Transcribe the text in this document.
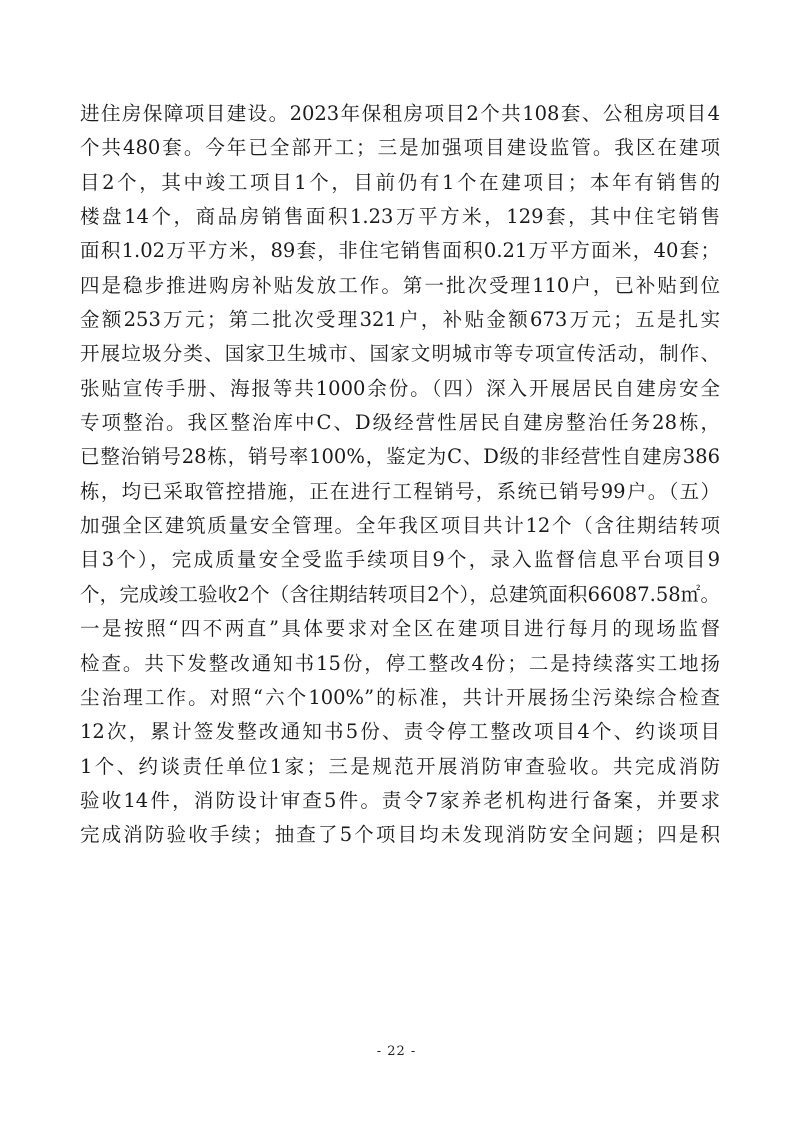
进住房保障项目建设。2023年保租房项目2个共108套、公租房项目4
个共480套。今年已全部开工；三是加强项目建设监管。我区在建项
目2个，其中竣工项目1个，目前仍有1个在建项目；本年有销售的
楼盘14个，商品房销售面积1.23万平方米，129套，其中住宅销售
面积1.02万平方米，89套，非住宅销售面积0.21万平方面米，40套；
四是稳步推进购房补贴发放工作。第一批次受理110户，已补贴到位
金额253万元；第二批次受理321户，补贴金额673万元；五是扎实
开展垃圾分类、国家卫生城市、国家文明城市等专项宣传活动，制作、
张贴宣传手册、海报等共1000余份。（四）深入开展居民自建房安全
专项整治。我区整治库中C、D级经营性居民自建房整治任务28栋，
已整治销号28栋，销号率100%，鉴定为C、D级的非经营性自建房386
栋，均已采取管控措施，正在进行工程销号，系统已销号99户。（五）
加强全区建筑质量安全管理。全年我区项目共计12个（含往期结转项
目3个），完成质量安全受监手续项目9个，录入监督信息平台项目9
个，完成竣工验收2个（含往期结转项目2个），总建筑面积66087.58㎡。
一是按照“四不两直”具体要求对全区在建项目进行每月的现场监督
检查。共下发整改通知书15份，停工整改4份；二是持续落实工地扬
尘治理工作。对照“六个100%”的标准，共计开展扬尘污染综合检查
12次，累计签发整改通知书5份、责令停工整改项目4个、约谈项目
1个、约谈责任单位1家；三是规范开展消防审查验收。共完成消防
验收14件，消防设计审查5件。责令7家养老机构进行备案，并要求
完成消防验收手续；抽查了5个项目均未发现消防安全问题；四是积
- 22 -
